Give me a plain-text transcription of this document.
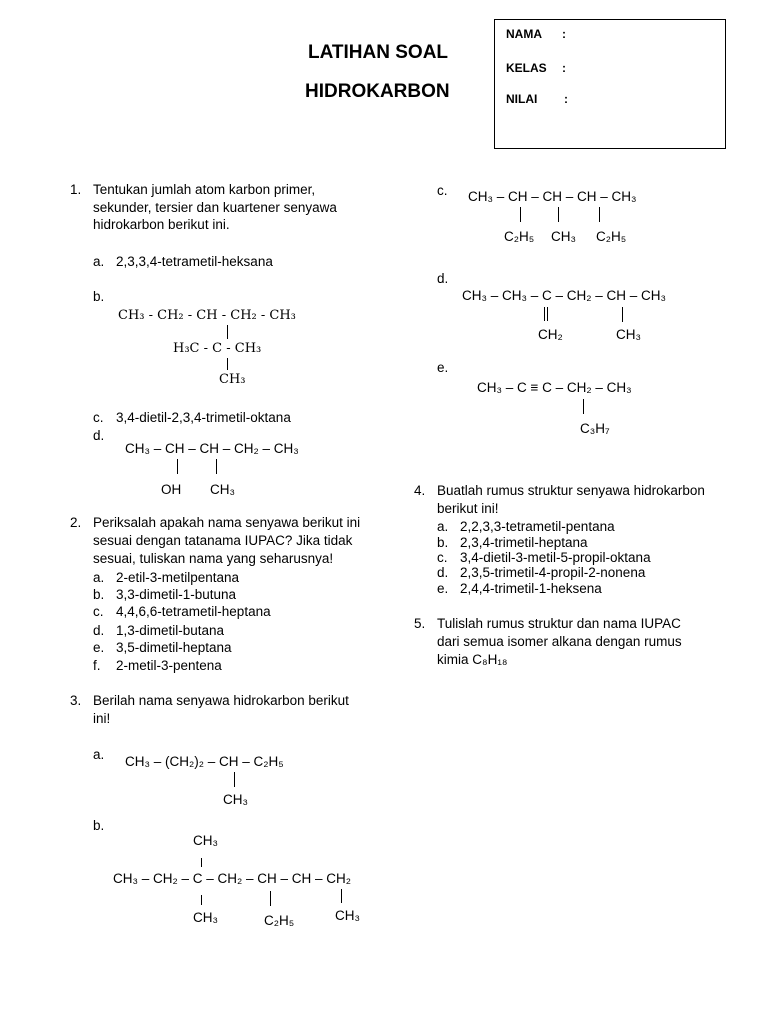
LATIHAN SOAL
HIDROKARBON
NAMA :
KELAS :
NILAI :
1. Tentukan jumlah atom karbon primer,
sekunder, tersier dan kuartener senyawa
hidrokarbon berikut ini.
a. 2,3,3,4-tetrametil-heksana
b.
CH₃ - CH₂ - CH - CH₂ - CH₃
H₃C - C - CH₃
CH₃
c. 3,4-dietil-2,3,4-trimetil-oktana
d.
CH₃ – CH – CH – CH₂ – CH₃
OH CH₃
c. CH₃ – CH – CH – CH – CH₃
C₂H₅ CH₃ C₂H₅
d.
CH₃ – CH₃ – C – CH₂ – CH – CH₃
CH₂	CH₃
e.
CH₃ – C ≡ C – CH₂ – CH₃
C₃H₇
2. Periksalah apakah nama senyawa berikut ini
sesuai dengan tatanama IUPAC? Jika tidak
sesuai, tuliskan nama yang seharusnya!
a. 2-etil-3-metilpentana
b. 3,3-dimetil-1-butuna
c. 4,4,6,6-tetrametil-heptana
d. 1,3-dimetil-butana
e. 3,5-dimetil-heptana
f. 2-metil-3-pentena
3. Berilah nama senyawa hidrokarbon berikut
ini!
a. CH₃ – (CH₂)₂ – CH – C₂H₅
CH₃
b.
CH₃
CH₃ – CH₂ – C – CH₂ – CH – CH – CH₂
CH₃	C₂H₅	CH₃
4. Buatlah rumus struktur senyawa hidrokarbon
berikut ini!
a. 2,2,3,3-tetrametil-pentana
b. 2,3,4-trimetil-heptana
c. 3,4-dietil-3-metil-5-propil-oktana
d. 2,3,5-trimetil-4-propil-2-nonena
e. 2,4,4-trimetil-1-heksena
5. Tulislah rumus struktur dan nama IUPAC
dari semua isomer alkana dengan rumus
kimia C₈H₁₈
